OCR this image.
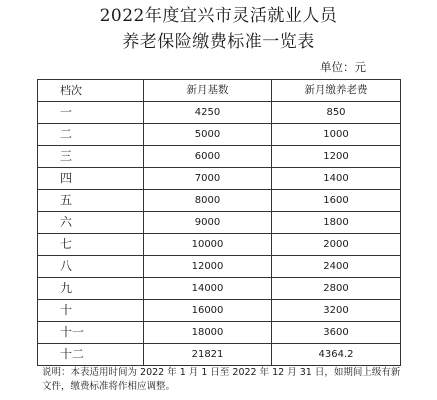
2022年度宜兴市灵活就业人员
养老保险缴费标准一览表
单位：元
档次	新月基数	新月缴养老费
一	4250	850
二	5000	1000
三	6000	1200
四	7000	1400
五	8000	1600
六	9000	1800
七	10000	2000
八	12000	2400
九	14000	2800
十	16000	3200
十一	18000	3600
十二	21821	4364.2
说明：本表适用时间为 2022 年 1 月 1 日至 2022 年 12 月 31 日，如期间上级有新
文件，缴费标准将作相应调整。
